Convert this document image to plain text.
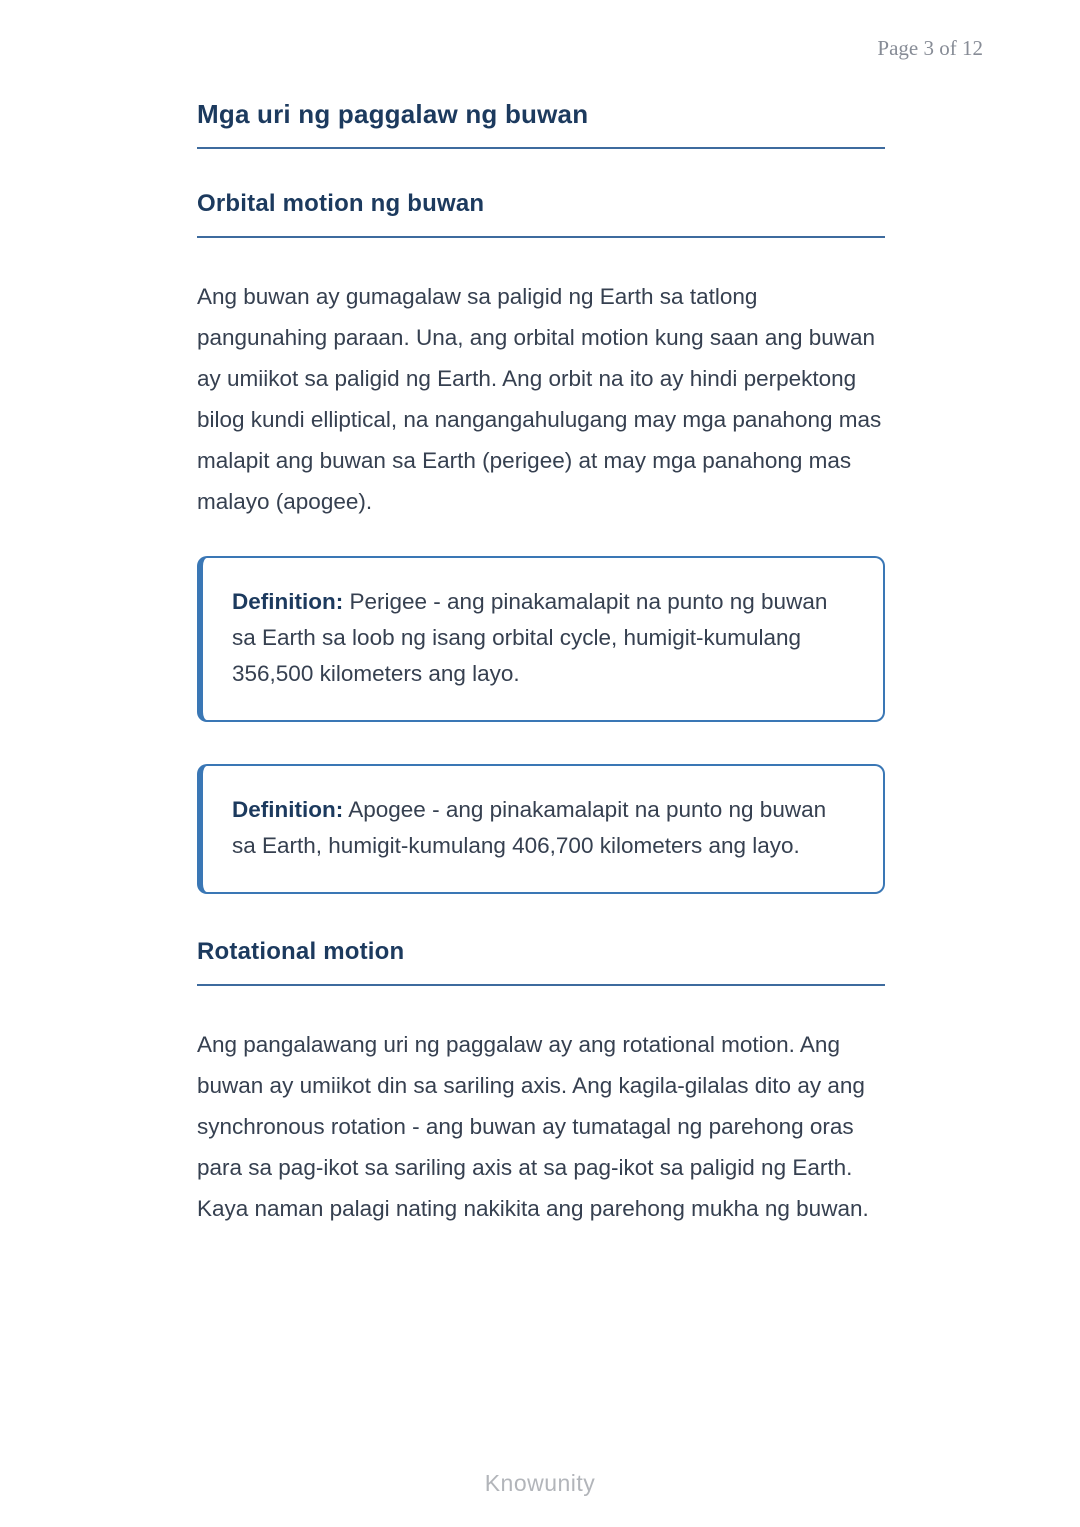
Page 3 of 12
Mga uri ng paggalaw ng buwan
Orbital motion ng buwan

Ang buwan ay gumagalaw sa paligid ng Earth sa tatlong pangunahing paraan. Una, ang orbital motion kung saan ang buwan ay umiikot sa paligid ng Earth. Ang orbit na ito ay hindi perpektong bilog kundi elliptical, na nangangahulugang may mga panahong mas malapit ang buwan sa Earth (perigee) at may mga panahong mas malayo (apogee).

Definition: Perigee - ang pinakamalapit na punto ng buwan sa Earth sa loob ng isang orbital cycle, humigit-kumulang 356,500 kilometers ang layo.

Definition: Apogee - ang pinakamalapit na punto ng buwan sa Earth, humigit-kumulang 406,700 kilometers ang layo.

Rotational motion

Ang pangalawang uri ng paggalaw ay ang rotational motion. Ang buwan ay umiikot din sa sariling axis. Ang kagila-gilalas dito ay ang synchronous rotation - ang buwan ay tumatagal ng parehong oras para sa pag-ikot sa sariling axis at sa pag-ikot sa paligid ng Earth. Kaya naman palagi nating nakikita ang parehong mukha ng buwan.

Knowunity
